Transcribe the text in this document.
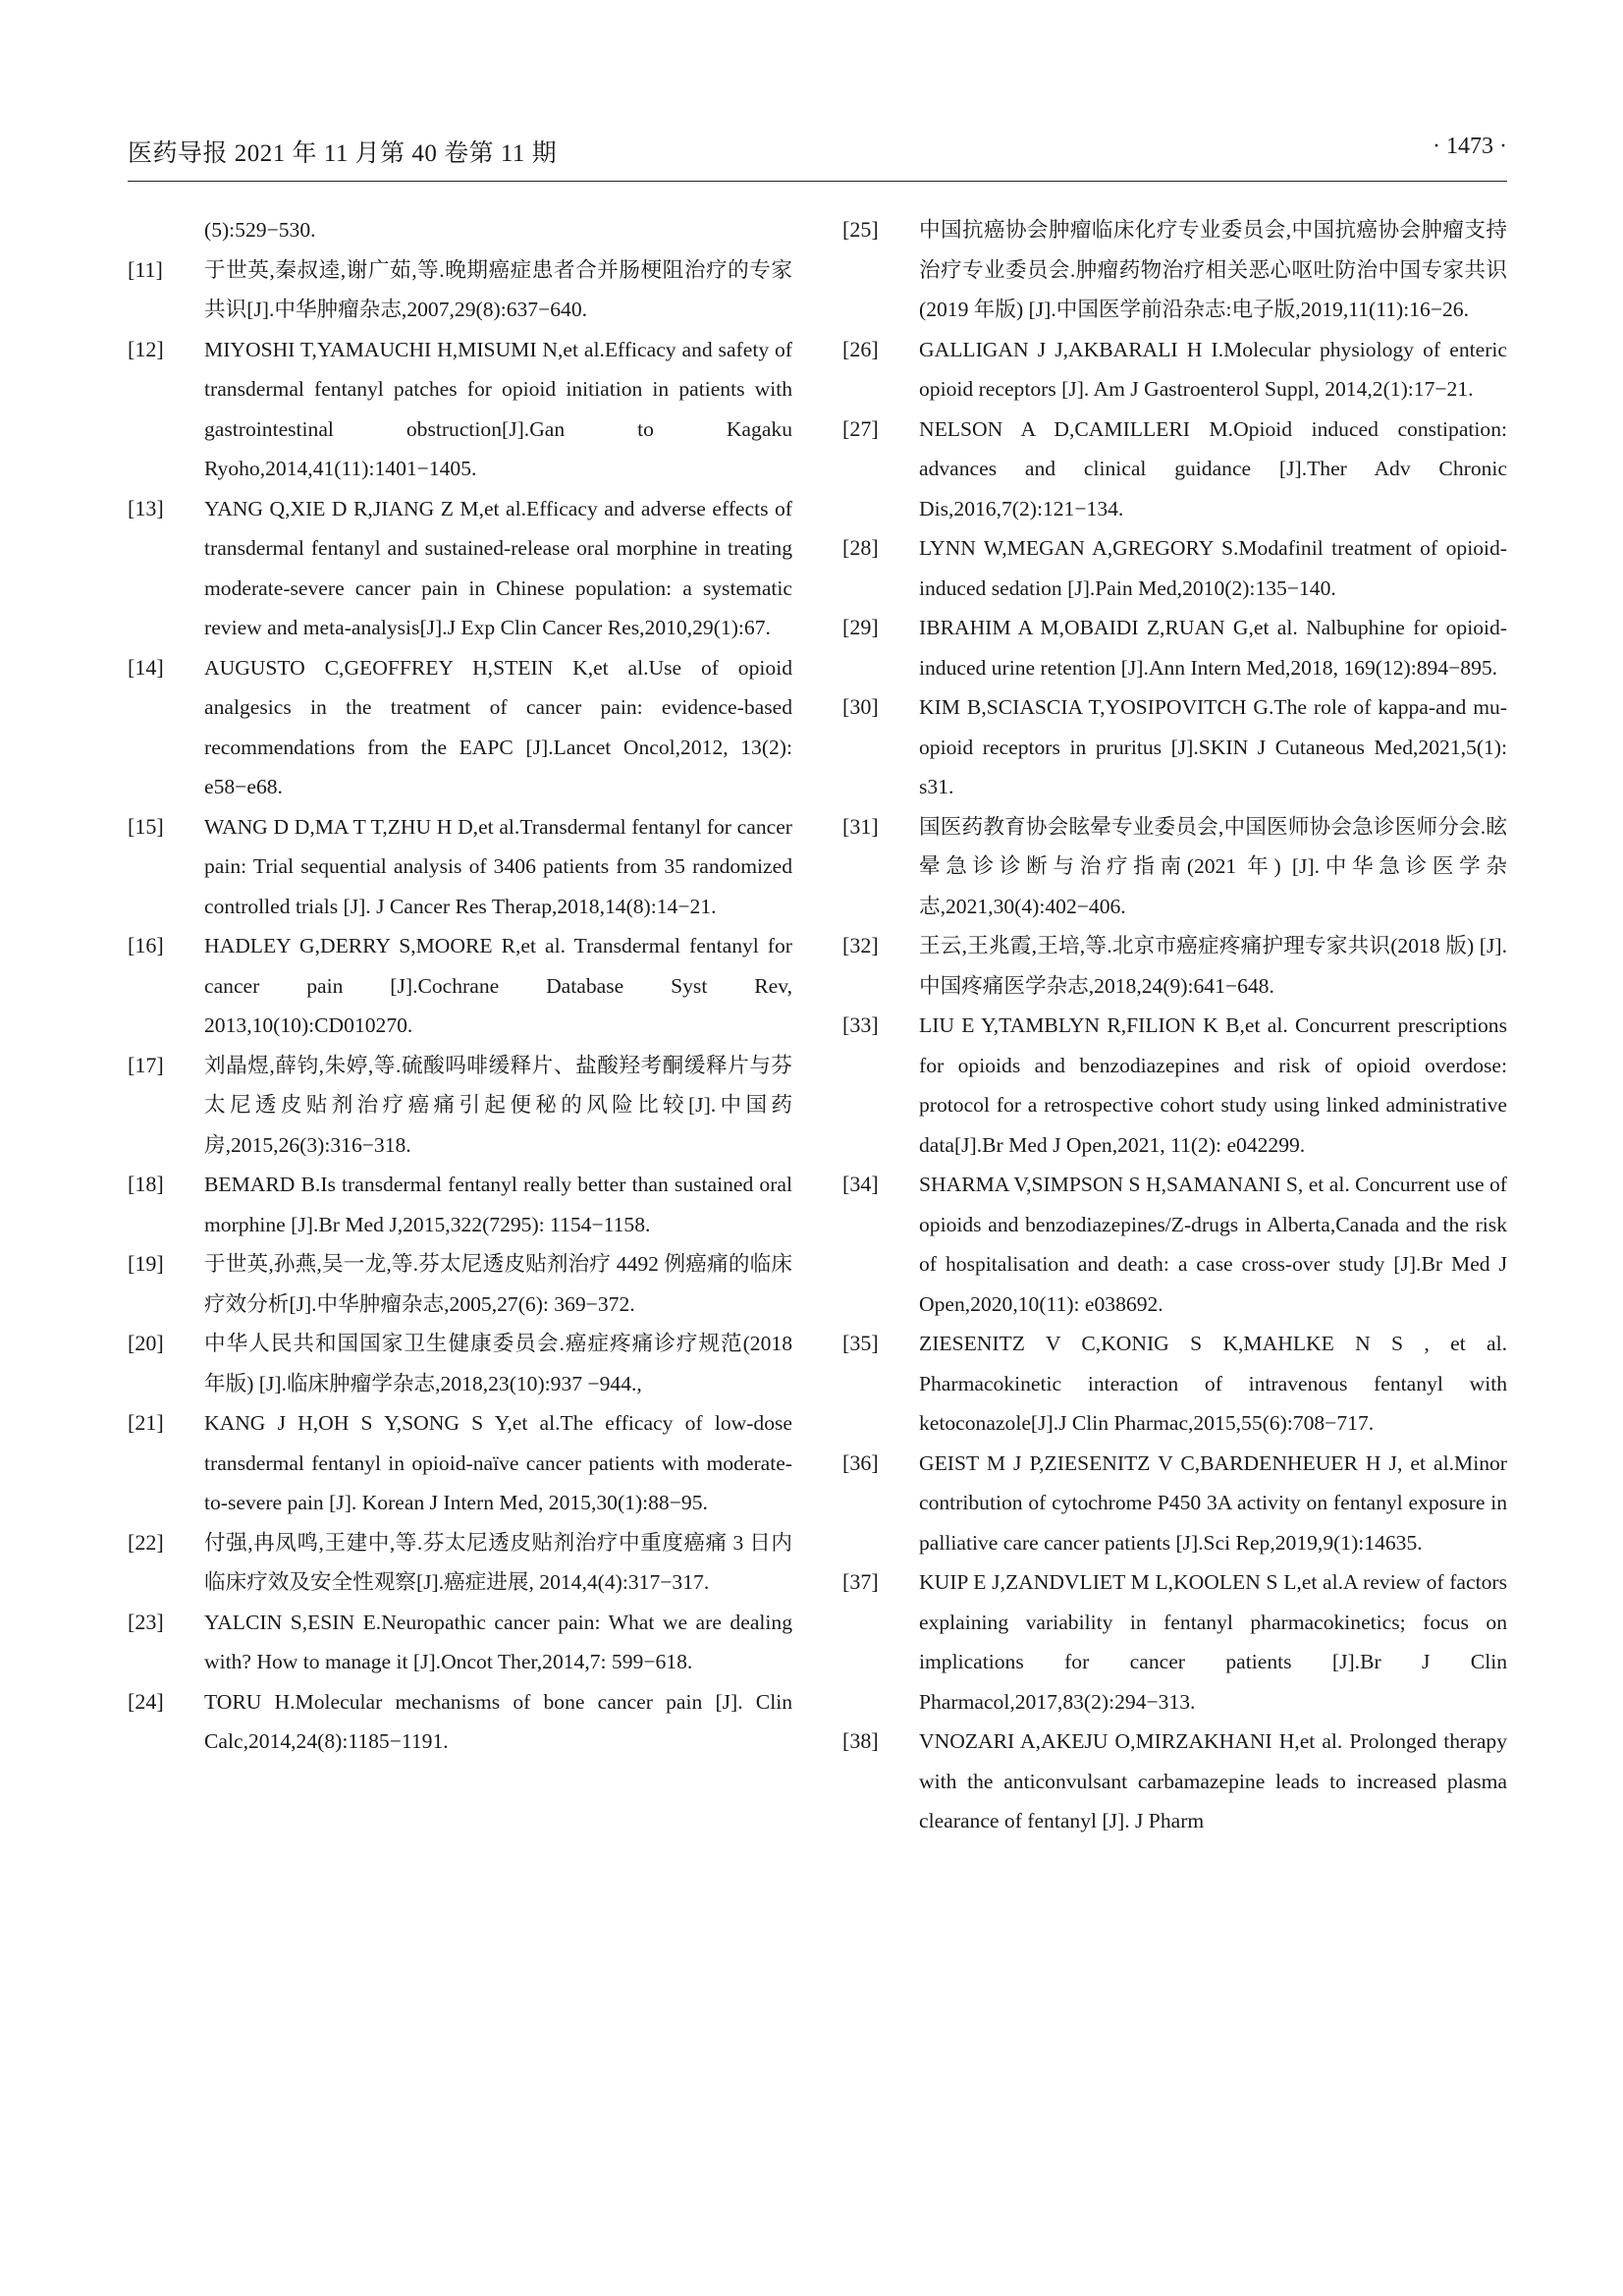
医药导报 2021 年 11 月第 40 卷第 11 期	· 1473 ·
(5):529−530.
[11]	于世英,秦叔逵,谢广茹,等.晚期癌症患者合并肠梗阻治疗的专家共识[J].中华肿瘤杂志,2007,29(8):637−640.
[12]	MIYOSHI T,YAMAUCHI H,MISUMI N,et al.Efficacy and safety of transdermal fentanyl patches for opioid initiation in patients with gastrointestinal obstruction[J].Gan to Kagaku Ryoho,2014,41(11):1401−1405.
[13]	YANG Q,XIE D R,JIANG Z M,et al.Efficacy and adverse effects of transdermal fentanyl and sustained-release oral morphine in treating moderate-severe cancer pain in Chinese population: a systematic review and meta-analysis[J].J Exp Clin Cancer Res,2010,29(1):67.
[14]	AUGUSTO C,GEOFFREY H,STEIN K,et al.Use of opioid analgesics in the treatment of cancer pain: evidence-based recommendations from the EAPC [J].Lancet Oncol,2012, 13(2): e58−e68.
[15]	WANG D D,MA T T,ZHU H D,et al.Transdermal fentanyl for cancer pain: Trial sequential analysis of 3406 patients from 35 randomized controlled trials [J]. J Cancer Res Therap,2018,14(8):14−21.
[16]	HADLEY G,DERRY S,MOORE R,et al. Transdermal fentanyl for cancer pain [J].Cochrane Database Syst Rev, 2013,10(10):CD010270.
[17]	刘晶煜,薛钧,朱婷,等.硫酸吗啡缓释片、盐酸羟考酮缓释片与芬太尼透皮贴剂治疗癌痛引起便秘的风险比较[J].中国药房,2015,26(3):316−318.
[18]	BEMARD B.Is transdermal fentanyl really better than sustained oral morphine [J].Br Med J,2015,322(7295): 1154−1158.
[19]	于世英,孙燕,吴一龙,等.芬太尼透皮贴剂治疗 4492 例癌痛的临床疗效分析[J].中华肿瘤杂志,2005,27(6): 369−372.
[20]	中华人民共和国国家卫生健康委员会.癌症疼痛诊疗规范(2018 年版) [J].临床肿瘤学杂志,2018,23(10):937 −944.,
[21]	KANG J H,OH S Y,SONG S Y,et al.The efficacy of low-dose transdermal fentanyl in opioid-naïve cancer patients with moderate-to-severe pain [J]. Korean J Intern Med, 2015,30(1):88−95.
[22]	付强,冉凤鸣,王建中,等.芬太尼透皮贴剂治疗中重度癌痛 3 日内临床疗效及安全性观察[J].癌症进展, 2014,4(4):317−317.
[23]	YALCIN S,ESIN E.Neuropathic cancer pain: What we are dealing with? How to manage it [J].Oncot Ther,2014,7: 599−618.
[24]	TORU H.Molecular mechanisms of bone cancer pain [J]. Clin Calc,2014,24(8):1185−1191.
[25]	中国抗癌协会肿瘤临床化疗专业委员会,中国抗癌协会肿瘤支持治疗专业委员会.肿瘤药物治疗相关恶心呕吐防治中国专家共识(2019 年版) [J].中国医学前沿杂志:电子版,2019,11(11):16−26.
[26]	GALLIGAN J J,AKBARALI H I.Molecular physiology of enteric opioid receptors [J]. Am J Gastroenterol Suppl, 2014,2(1):17−21.
[27]	NELSON A D,CAMILLERI M.Opioid induced constipation: advances and clinical guidance [J].Ther Adv Chronic Dis,2016,7(2):121−134.
[28]	LYNN W,MEGAN A,GREGORY S.Modafinil treatment of opioid-induced sedation [J].Pain Med,2010(2):135−140.
[29]	IBRAHIM A M,OBAIDI Z,RUAN G,et al. Nalbuphine for opioid-induced urine retention [J].Ann Intern Med,2018, 169(12):894−895.
[30]	KIM B,SCIASCIA T,YOSIPOVITCH G.The role of kappa-and mu-opioid receptors in pruritus [J].SKIN J Cutaneous Med,2021,5(1): s31.
[31]	国医药教育协会眩晕专业委员会,中国医师协会急诊医师分会.眩晕急诊诊断与治疗指南(2021 年) [J].中华急诊医学杂志,2021,30(4):402−406.
[32]	王云,王兆霞,王培,等.北京市癌症疼痛护理专家共识(2018 版) [J].中国疼痛医学杂志,2018,24(9):641−648.
[33]	LIU E Y,TAMBLYN R,FILION K B,et al. Concurrent prescriptions for opioids and benzodiazepines and risk of opioid overdose: protocol for a retrospective cohort study using linked administrative data[J].Br Med J Open,2021, 11(2): e042299.
[34]	SHARMA V,SIMPSON S H,SAMANANI S, et al. Concurrent use of opioids and benzodiazepines/Z-drugs in Alberta,Canada and the risk of hospitalisation and death: a case cross-over study [J].Br Med J Open,2020,10(11): e038692.
[35]	ZIESENITZ V C,KONIG S K,MAHLKE N S , et al. Pharmacokinetic interaction of intravenous fentanyl with ketoconazole[J].J Clin Pharmac,2015,55(6):708−717.
[36]	GEIST M J P,ZIESENITZ V C,BARDENHEUER H J, et al.Minor contribution of cytochrome P450 3A activity on fentanyl exposure in palliative care cancer patients [J].Sci Rep,2019,9(1):14635.
[37]	KUIP E J,ZANDVLIET M L,KOOLEN S L,et al.A review of factors explaining variability in fentanyl pharmacokinetics; focus on implications for cancer patients [J].Br J Clin Pharmacol,2017,83(2):294−313.
[38]	VNOZARI A,AKEJU O,MIRZAKHANI H,et al. Prolonged therapy with the anticonvulsant carbamazepine leads to increased plasma clearance of fentanyl [J]. J Pharm
